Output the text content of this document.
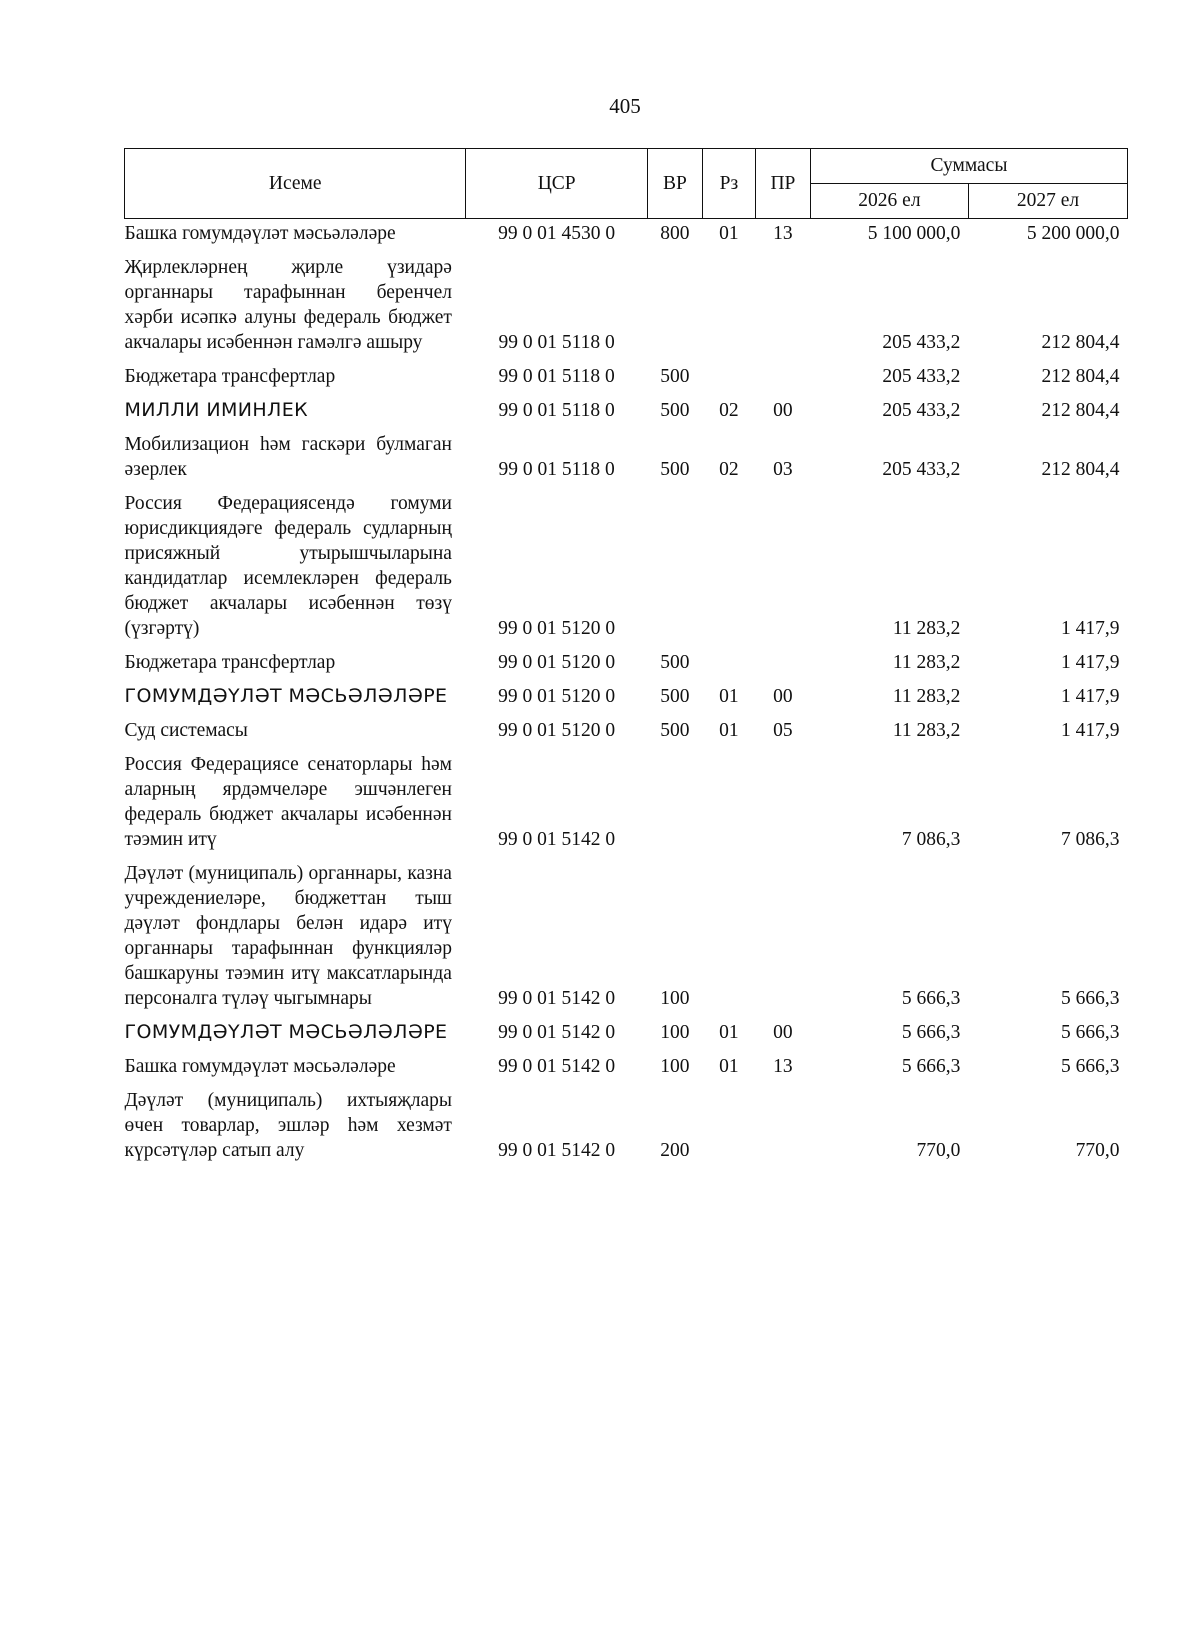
405
Исеме	ЦСР	ВР	Рз	ПР	Суммасы	
					2026 ел	2027 ел
Башка гомумдәүләт мәсьәләләре	99 0 01 4530 0	800	01	13	5 100 000,0	5 200 000,0
Җирлекләрнең җирле үзидарә органнары тарафыннан беренчел хәрби исәпкә алуны федераль бюджет акчалары исәбеннән гамәлгә ашыру	99 0 01 5118 0				205 433,2	212 804,4
Бюджетара трансфертлар	99 0 01 5118 0	500			205 433,2	212 804,4
МИЛЛИ ИМИНЛЕК	99 0 01 5118 0	500	02	00	205 433,2	212 804,4
Мобилизацион һәм гаскәри булмаган әзерлек	99 0 01 5118 0	500	02	03	205 433,2	212 804,4
Россия Федерациясендә гомуми юрисдикциядәге федераль судларның присяжный утырышчыларына кандидатлар исемлекләрен федераль бюджет акчалары исәбеннән төзү (үзгәртү)	99 0 01 5120 0				11 283,2	1 417,9
Бюджетара трансфертлар	99 0 01 5120 0	500			11 283,2	1 417,9
ГОМУМДӘҮЛӘТ МӘСЬӘЛӘЛӘРЕ	99 0 01 5120 0	500	01	00	11 283,2	1 417,9
Суд системасы	99 0 01 5120 0	500	01	05	11 283,2	1 417,9
Россия Федерациясе сенаторлары һәм аларның ярдәмчеләре эшчәнлеген федераль бюджет акчалары исәбеннән тәэмин итү	99 0 01 5142 0				7 086,3	7 086,3
Дәүләт (муниципаль) органнары, казна учреждениеләре, бюджеттан тыш дәүләт фондлары белән идарә итү органнары тарафыннан функцияләр башкаруны тәэмин итү максатларында персоналга түләү чыгымнары	99 0 01 5142 0	100			5 666,3	5 666,3
ГОМУМДӘҮЛӘТ МӘСЬӘЛӘЛӘРЕ	99 0 01 5142 0	100	01	00	5 666,3	5 666,3
Башка гомумдәүләт мәсьәләләре	99 0 01 5142 0	100	01	13	5 666,3	5 666,3
Дәүләт (муниципаль) ихтыяҗлары өчен товарлар, эшләр һәм хезмәт күрсәтүләр сатып алу	99 0 01 5142 0	200			770,0	770,0
